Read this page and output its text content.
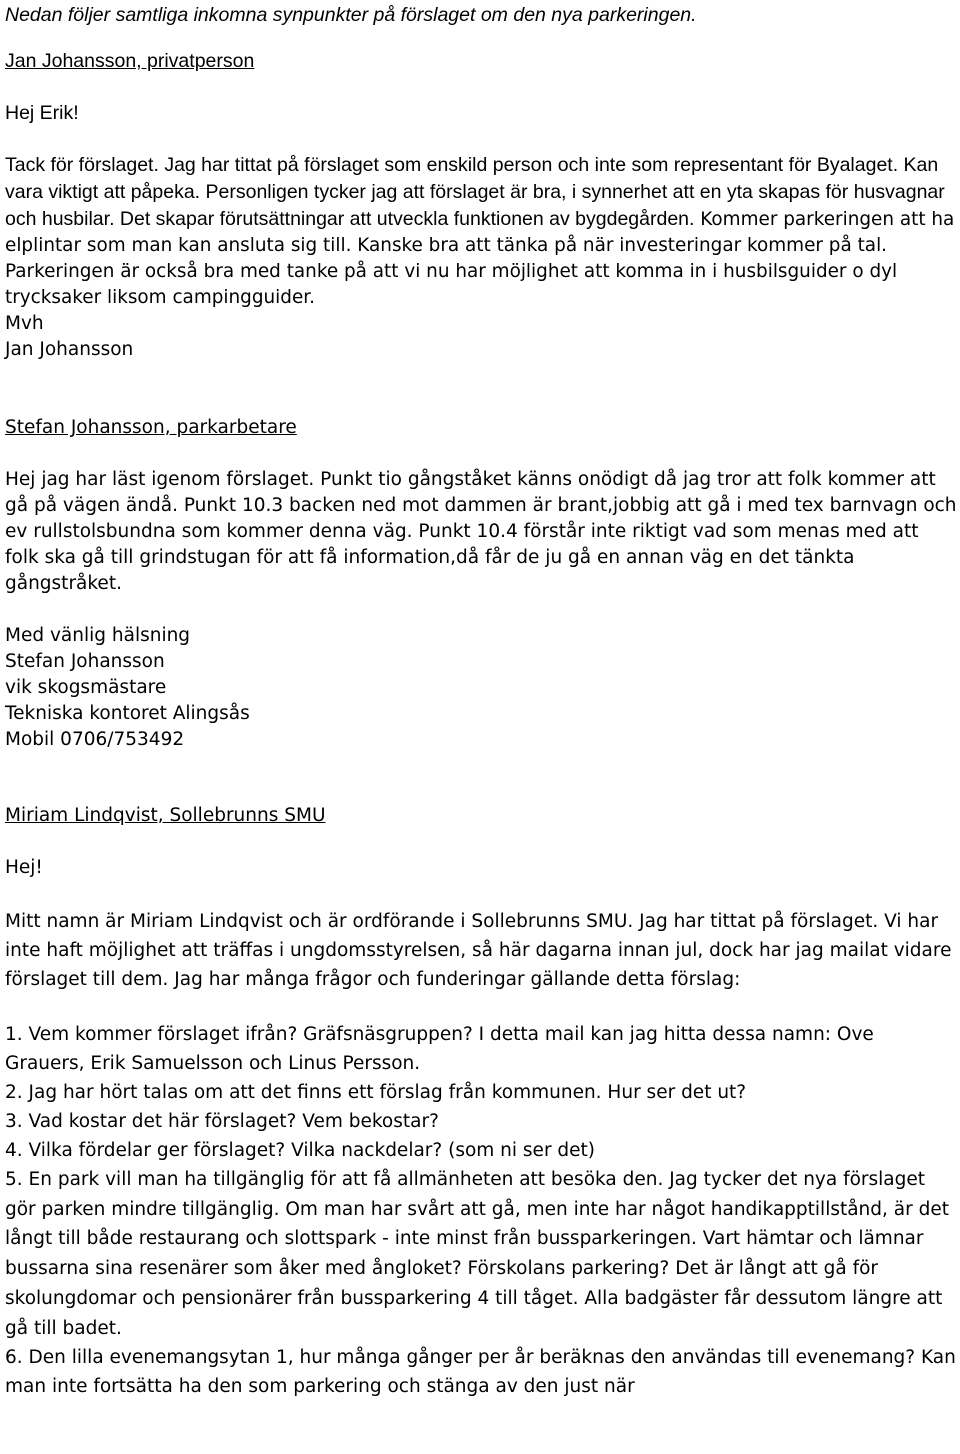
Nedan följer samtliga inkomna synpunkter på förslaget om den nya parkeringen.

Jan Johansson, privatperson

Hej Erik!

Tack för förslaget. Jag har tittat på förslaget som enskild person och inte som representant för Byalaget. Kan vara viktigt att påpeka. Personligen tycker jag att förslaget är bra, i synnerhet att en yta skapas för husvagnar och husbilar. Det skapar förutsättningar att utveckla funktionen av bygdegården. Kommer parkeringen att ha elplintar som man kan ansluta sig till. Kanske bra att tänka på när investeringar kommer på tal. Parkeringen är också bra med tanke på att vi nu har möjlighet att komma in i husbilsguider o dyl trycksaker liksom campingguider.

Mvh

Jan Johansson

Stefan Johansson, parkarbetare

Hej jag har läst igenom förslaget. Punkt tio gångståket känns onödigt då jag tror att folk kommer att gå på vägen ändå. Punkt 10.3 backen ned mot dammen är brant,jobbig att gå i med tex barnvagn och ev rullstolsbundna som kommer denna väg. Punkt 10.4 förstår inte riktigt vad som menas med att folk ska gå till grindstugan för att få information,då får de ju gå en annan väg en det tänkta gångstråket.

Med vänlig hälsning

Stefan Johansson

vik skogsmästare

Tekniska kontoret Alingsås

Mobil 0706/753492

Miriam Lindqvist, Sollebrunns SMU

Hej!

Mitt namn är Miriam Lindqvist och är ordförande i Sollebrunns SMU. Jag har tittat på förslaget. Vi har inte haft möjlighet att träffas i ungdomsstyrelsen, så här dagarna innan jul, dock har jag mailat vidare förslaget till dem. Jag har många frågor och funderingar gällande detta förslag:

1. Vem kommer förslaget ifrån? Gräfsnäsgruppen? I detta mail kan jag hitta dessa namn: Ove Grauers, Erik Samuelsson och Linus Persson.

2. Jag har hört talas om att det finns ett förslag från kommunen. Hur ser det ut?

3. Vad kostar det här förslaget? Vem bekostar?

4. Vilka fördelar ger förslaget? Vilka nackdelar? (som ni ser det)

5. En park vill man ha tillgänglig för att få allmänheten att besöka den. Jag tycker det nya förslaget gör parken mindre tillgänglig. Om man har svårt att gå, men inte har något handikapptillstånd, är det långt till både restaurang och slottspark - inte minst från bussparkeringen. Vart hämtar och lämnar bussarna sina resenärer som åker med ångloket? Förskolans parkering? Det är långt att gå för skolungdomar och pensionärer från bussparkering 4 till tåget. Alla badgäster får dessutom längre att gå till badet.

6. Den lilla evenemangsytan 1, hur många gånger per år beräknas den användas till evenemang? Kan man inte fortsätta ha den som parkering och stänga av den just när
